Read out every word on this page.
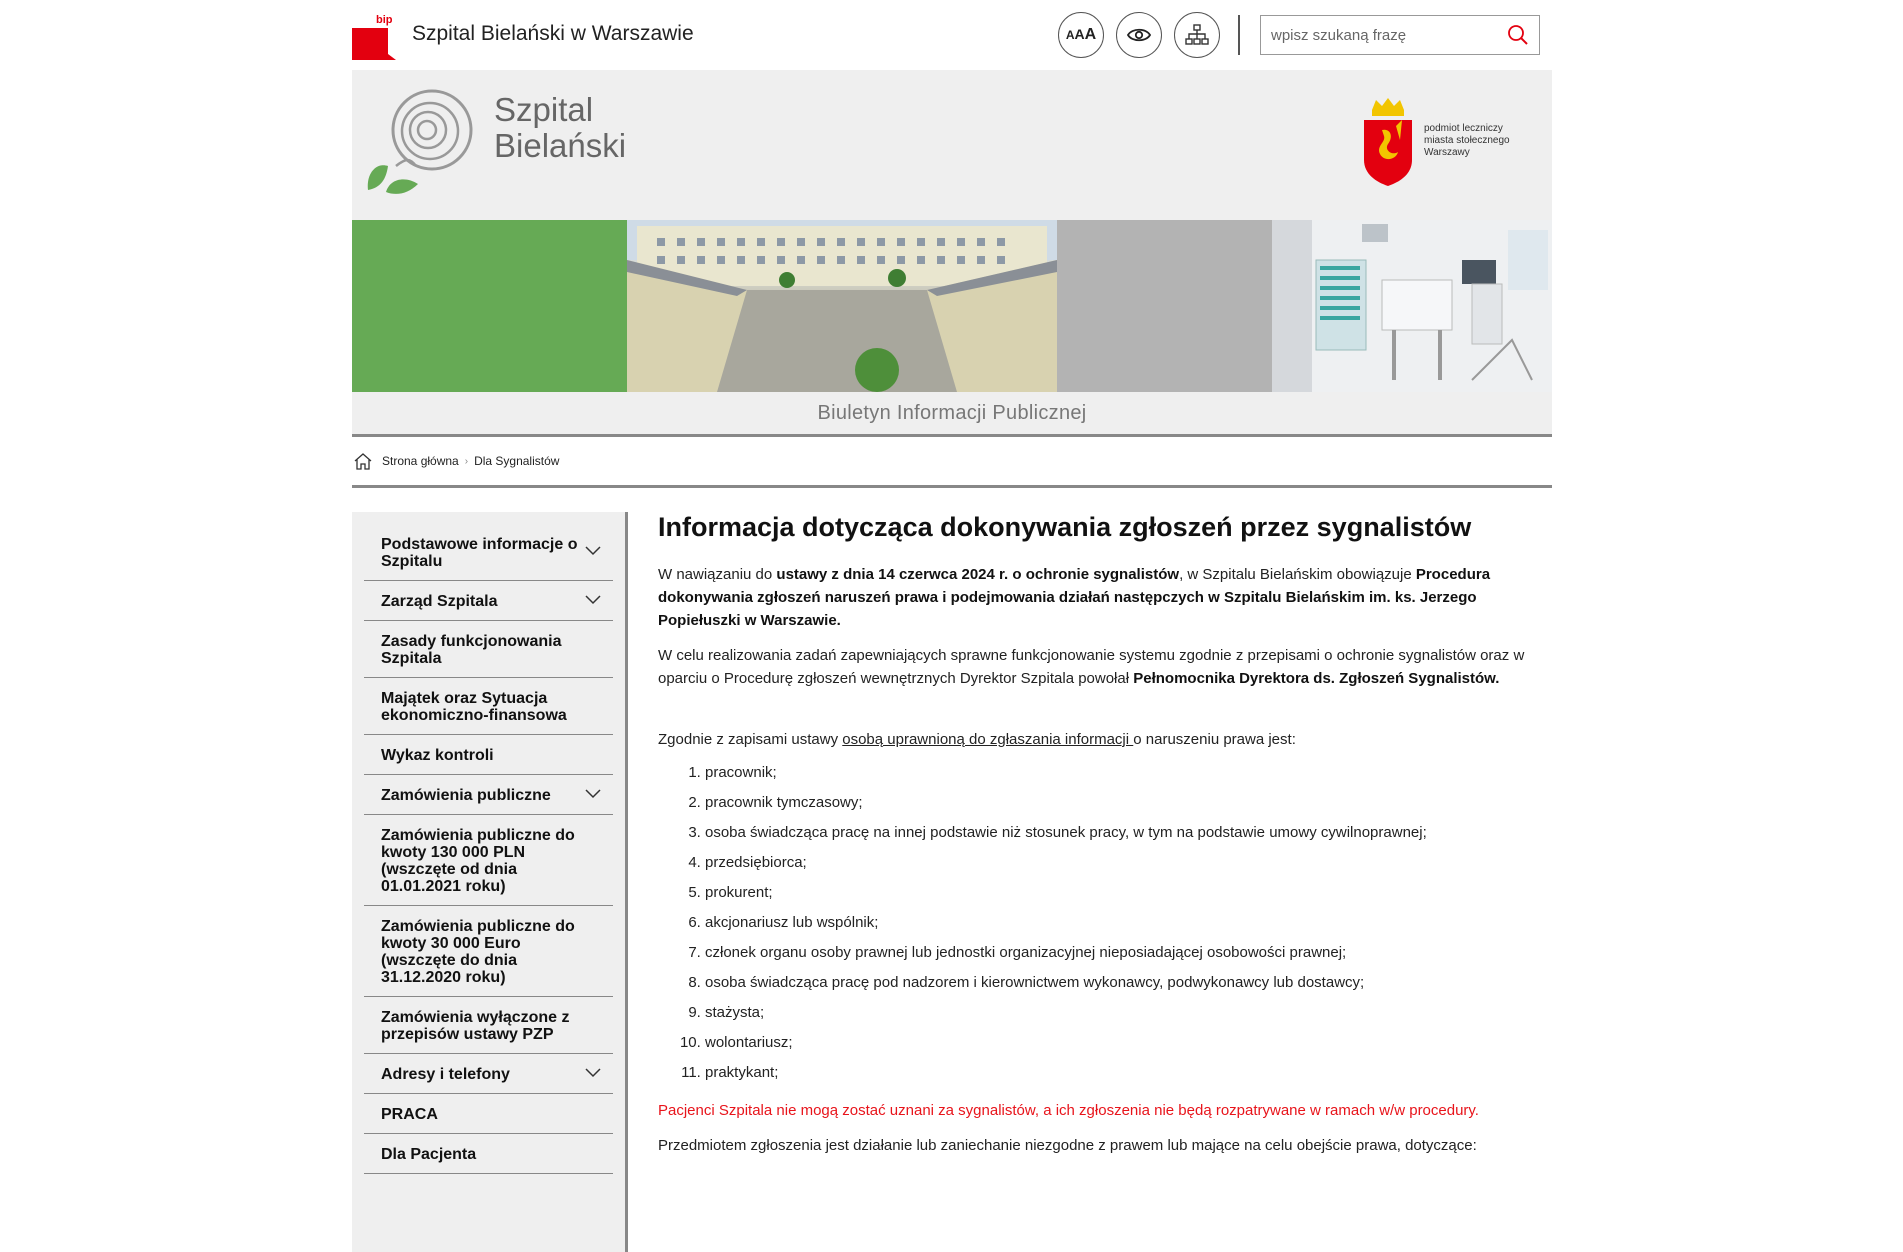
bip
Szpital Bielański w Warszawie	AAA
wpisz szukaną frazę
Szpital
Bielański	podmiot leczniczy
miasta stołecznego
Warszawy
Biuletyn Informacji Publicznej
Strona główna › Dla Sygnalistów
Podstawowe informacje o Szpitalu
Zarząd Szpitala
Zasady funkcjonowania Szpitala
Majątek oraz Sytuacja ekonomiczno-finansowa
Wykaz kontroli
Zamówienia publiczne
Zamówienia publiczne do kwoty 130 000 PLN (wszczęte od dnia 01.01.2021 roku)
Zamówienia publiczne do kwoty 30 000 Euro (wszczęte do dnia 31.12.2020 roku)
Zamówienia wyłączone z przepisów ustawy PZP
Adresy i telefony
PRACA
Dla Pacjenta
Informacja dotycząca dokonywania zgłoszeń przez sygnalistów

W nawiązaniu do ustawy z dnia 14 czerwca 2024 r. o ochronie sygnalistów, w Szpitalu Bielańskim obowiązuje Procedura dokonywania zgłoszeń naruszeń prawa i podejmowania działań następczych w Szpitalu Bielańskim im. ks. Jerzego Popiełuszki w Warszawie.

W celu realizowania zadań zapewniających sprawne funkcjonowanie systemu zgodnie z przepisami o ochronie sygnalistów oraz w oparciu o Procedurę zgłoszeń wewnętrznych Dyrektor Szpitala powołał Pełnomocnika Dyrektora ds. Zgłoszeń Sygnalistów.

Zgodnie z zapisami ustawy osobą uprawnioną do zgłaszania informacji o naruszeniu prawa jest:

1. pracownik;
2. pracownik tymczasowy;
3. osoba świadcząca pracę na innej podstawie niż stosunek pracy, w tym na podstawie umowy cywilnoprawnej;
4. przedsiębiorca;
5. prokurent;
6. akcjonariusz lub wspólnik;
7. członek organu osoby prawnej lub jednostki organizacyjnej nieposiadającej osobowości prawnej;
8. osoba świadcząca pracę pod nadzorem i kierownictwem wykonawcy, podwykonawcy lub dostawcy;
9. stażysta;
10. wolontariusz;
11. praktykant;

Pacjenci Szpitala nie mogą zostać uznani za sygnalistów, a ich zgłoszenia nie będą rozpatrywane w ramach w/w procedury.

Przedmiotem zgłoszenia jest działanie lub zaniechanie niezgodne z prawem lub mające na celu obejście prawa, dotyczące:
